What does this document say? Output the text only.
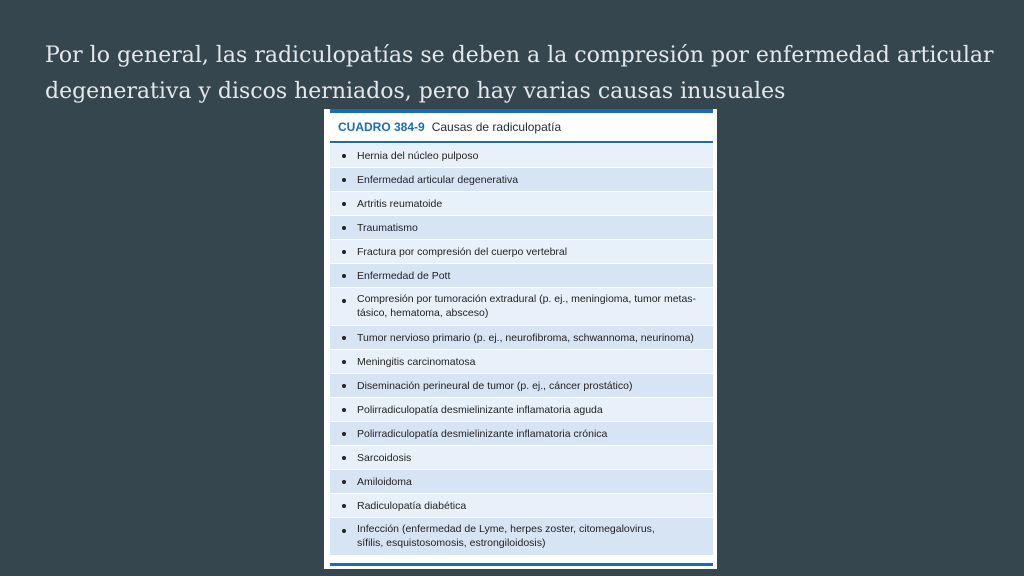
Por lo general, las radiculopatías se deben a la compresión por enfermedad articular
degenerativa y discos herniados, pero hay varias causas inusuales

CUADRO 384-9 Causas de radiculopatía
Hernia del núcleo pulposo
Enfermedad articular degenerativa
Artritis reumatoide
Traumatismo
Fractura por compresión del cuerpo vertebral
Enfermedad de Pott
Compresión por tumoración extradural (p. ej., meningioma, tumor metas-
tásico, hematoma, absceso)
Tumor nervioso primario (p. ej., neurofibroma, schwannoma, neurinoma)
Meningitis carcinomatosa
Diseminación perineural de tumor (p. ej., cáncer prostático)
Polirradiculopatía desmielinizante inflamatoria aguda
Polirradiculopatía desmielinizante inflamatoria crónica
Sarcoidosis
Amiloidoma
Radiculopatía diabética
Infección (enfermedad de Lyme, herpes zoster, citomegalovirus,
sífilis, esquistosomosis, estrongiloidosis)
